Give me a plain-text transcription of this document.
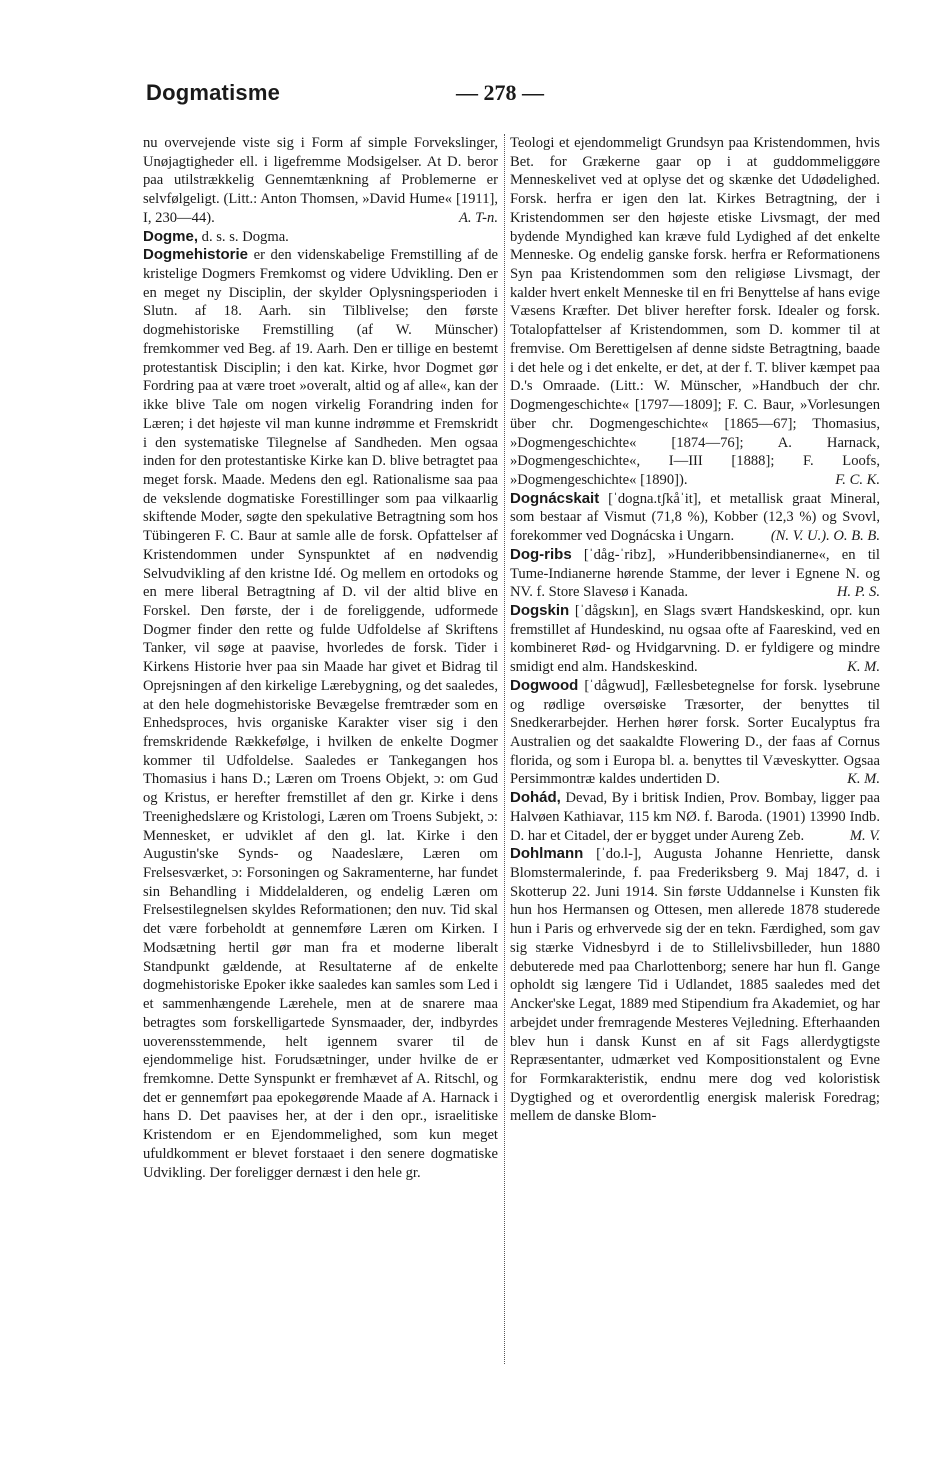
Dogmatisme	— 278 —

nu overvejende viste sig i Form af simple Forvekslinger, Unøjagtigheder ell. i ligefremme Modsigelser. At D. beror paa utilstrækkelig Gennemtænkning af Problemerne er selvfølgeligt. (Litt.: Anton Thomsen, »David Hume« [1911], I, 230—44).	A. T-n.

Dogme, d. s. s. Dogma.

Dogmehistorie er den videnskabelige Fremstilling af de kristelige Dogmers Fremkomst og videre Udvikling. Den er en meget ny Disciplin, der skylder Oplysningsperioden i Slutn. af 18. Aarh. sin Tilblivelse; den første dogmehistoriske Fremstilling (af W. Münscher) fremkommer ved Beg. af 19. Aarh. Den er tillige en bestemt protestantisk Disciplin; i den kat. Kirke, hvor Dogmet gør Fordring paa at være troet »overalt, altid og af alle«, kan der ikke blive Tale om nogen virkelig Forandring inden for Læren; i det højeste vil man kunne indrømme et Fremskridt i den systematiske Tilegnelse af Sandheden. Men ogsaa inden for den protestantiske Kirke kan D. blive betragtet paa meget forsk. Maade. Medens den egl. Rationalisme saa paa de vekslende dogmatiske Forestillinger som paa vilkaarlig skiftende Moder, søgte den spekulative Betragtning som hos Tübingeren F. C. Baur at samle alle de forsk. Opfattelser af Kristendommen under Synspunktet af en nødvendig Selvudvikling af den kristne Idé. Og mellem en ortodoks og en mere liberal Betragtning af D. vil der altid blive en Forskel. Den første, der i de foreliggende, udformede Dogmer finder den rette og fulde Udfoldelse af Skriftens Tanker, vil søge at paavise, hvorledes de forsk. Tider i Kirkens Historie hver paa sin Maade har givet et Bidrag til Oprejsningen af den kirkelige Lærebygning, og det saaledes, at den hele dogmehistoriske Bevægelse fremtræder som en Enhedsproces, hvis organiske Karakter viser sig i den fremskridende Rækkefølge, i hvilken de enkelte Dogmer kommer til Udfoldelse. Saaledes er Tankegangen hos Thomasius i hans D.; Læren om Troens Objekt, ɔ: om Gud og Kristus, er herefter fremstillet af den gr. Kirke i dens Treenighedslære og Kristologi, Læren om Troens Subjekt, ɔ: Mennesket, er udviklet af den gl. lat. Kirke i den Augustin'ske Synds- og Naadeslære, Læren om Frelsesværket, ɔ: Forsoningen og Sakramenterne, har fundet sin Behandling i Middelalderen, og endelig Læren om Frelsestilegnelsen skyldes Reformationen; den nuv. Tid skal det være forbeholdt at gennemføre Læren om Kirken. I Modsætning hertil gør man fra et moderne liberalt Standpunkt gældende, at Resultaterne af de enkelte dogmehistoriske Epoker ikke saaledes kan samles som Led i et sammenhængende Lærehele, men at de snarere maa betragtes som forskelligartede Synsmaader, der, indbyrdes uoverensstemmende, helt igennem svarer til de ejendommelige hist. Forudsætninger, under hvilke de er fremkomne. Dette Synspunkt er fremhævet af A. Ritschl, og det er gennemført paa epokegørende Maade af A. Harnack i hans D. Det paavises her, at der i den opr., israelitiske Kristendom er en Ejendommelighed, som kun meget ufuldkomment er blevet forstaaet i den senere dogmatiske Udvikling. Der foreligger dernæst i den hele gr.

Teologi et ejendommeligt Grundsyn paa Kristendommen, hvis Bet. for Grækerne gaar op i at guddommeliggøre Menneskelivet ved at oplyse det og skænke det Udødelighed. Forsk. herfra er igen den lat. Kirkes Betragtning, der i Kristendommen ser den højeste etiske Livsmagt, der med bydende Myndighed kan kræve fuld Lydighed af det enkelte Menneske. Og endelig ganske forsk. herfra er Reformationens Syn paa Kristendommen som den religiøse Livsmagt, der kalder hvert enkelt Menneske til en fri Benyttelse af hans evige Væsens Kræfter. Det bliver herefter forsk. Idealer og forsk. Totalopfattelser af Kristendommen, som D. kommer til at fremvise. Om Berettigelsen af denne sidste Betragtning, baade i det hele og i det enkelte, er det, at der f. T. bliver kæmpet paa D.'s Omraade. (Litt.: W. Münscher, »Handbuch der chr. Dogmengeschichte« [1797—1809]; F. C. Baur, »Vorlesungen über chr. Dogmengeschichte« [1865—67]; Thomasius, »Dogmengeschichte« [1874—76]; A. Harnack, »Dogmengeschichte«, I—III [1888]; F. Loofs, »Dogmengeschichte« [1890]).	F. C. K.

Dognácskait [ˈdogna.tʃkåˈit], et metallisk graat Mineral, som bestaar af Vismut (71,8 %), Kobber (12,3 %) og Svovl, forekommer ved Dognácska i Ungarn.	(N. V. U.). O. B. B.

Dog-ribs [ˈdåg-ˈribz], »Hunderibbensindianerne«, en til Tume-Indianerne hørende Stamme, der lever i Egnene N. og NV. f. Store Slavesø i Kanada.	H. P. S.

Dogskin [ˈdågskın], en Slags svært Handskeskind, opr. kun fremstillet af Hundeskind, nu ogsaa ofte af Faareskind, ved en kombineret Rød- og Hvidgarvning. D. er fyldigere og mindre smidigt end alm. Handskeskind.	K. M.

Dogwood [ˈdågwud], Fællesbetegnelse for forsk. lysebrune og rødlige oversøiske Træsorter, der benyttes til Snedkerarbejder. Herhen hører forsk. Sorter Eucalyptus fra Australien og det saakaldte Flowering D., der faas af Cornus florida, og som i Europa bl. a. benyttes til Væveskytter. Ogsaa Persimmontræ kaldes undertiden D.	K. M.

Dohád, Devad, By i britisk Indien, Prov. Bombay, ligger paa Halvøen Kathiavar, 115 km NØ. f. Baroda. (1901) 13990 Indb. D. har et Citadel, der er bygget under Aureng Zeb.	M. V.

Dohlmann [ˈdo.l-], Augusta Johanne Henriette, dansk Blomstermalerinde, f. paa Frederiksberg 9. Maj 1847, d. i Skotterup 22. Juni 1914. Sin første Uddannelse i Kunsten fik hun hos Hermansen og Ottesen, men allerede 1878 studerede hun i Paris og erhvervede sig der en tekn. Færdighed, som gav sig stærke Vidnesbyrd i de to Stillelivsbilleder, hun 1880 debuterede med paa Charlottenborg; senere har hun fl. Gange opholdt sig længere Tid i Udlandet, 1885 saaledes med det Ancker'ske Legat, 1889 med Stipendium fra Akademiet, og har arbejdet under fremragende Mesteres Vejledning. Efterhaanden blev hun i dansk Kunst en af sit Fags allerdygtigste Repræsentanter, udmærket ved Kompositionstalent og Evne for Formkarakteristik, endnu mere dog ved koloristisk Dygtighed og et overordentlig energisk malerisk Foredrag; mellem de danske Blom-
